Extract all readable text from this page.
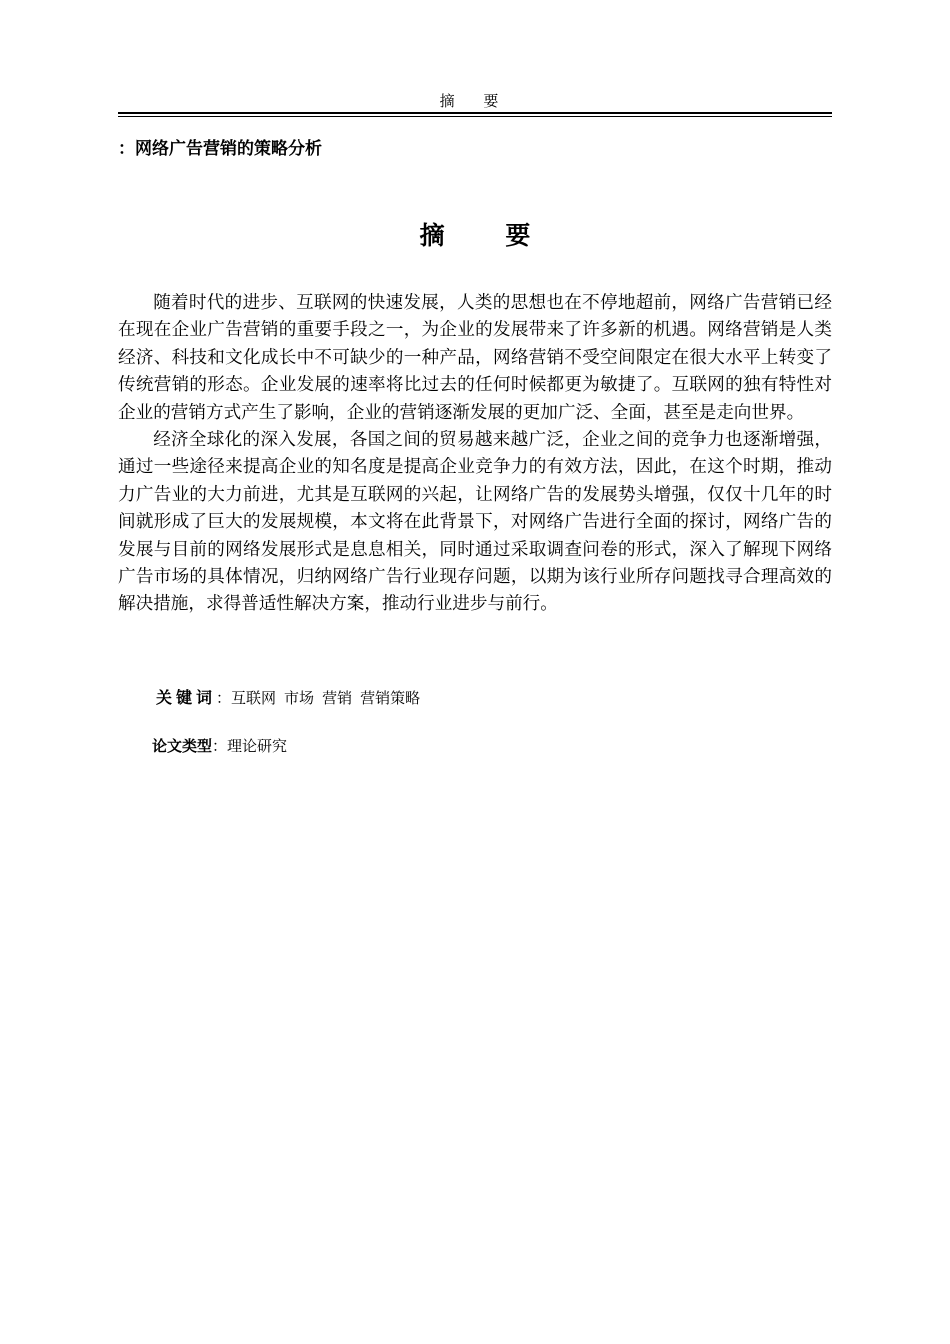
摘 要
：网络广告营销的策略分析
摘 要

随着时代的进步、互联网的快速发展，人类的思想也在不停地超前，网络广告营销已经在现在企业广告营销的重要手段之一，为企业的发展带来了许多新的机遇。网络营销是人类经济、科技和文化成长中不可缺少的一种产品，网络营销不受空间限定在很大水平上转变了传统营销的形态。企业发展的速率将比过去的任何时候都更为敏捷了。互联网的独有特性对企业的营销方式产生了影响，企业的营销逐渐发展的更加广泛、全面，甚至是走向世界。

经济全球化的深入发展，各国之间的贸易越来越广泛，企业之间的竞争力也逐渐增强，通过一些途径来提高企业的知名度是提高企业竞争力的有效方法，因此，在这个时期，推动力广告业的大力前进，尤其是互联网的兴起，让网络广告的发展势头增强，仅仅十几年的时间就形成了巨大的发展规模，本文将在此背景下，对网络广告进行全面的探讨，网络广告的发展与目前的网络发展形式是息息相关，同时通过采取调查问卷的形式，深入了解现下网络广告市场的具体情况，归纳网络广告行业现存问题，以期为该行业所存问题找寻合理高效的解决措施，求得普适性解决方案，推动行业进步与前行。

关键词：互联网 市场 营销 营销策略
论文类型：理论研究
